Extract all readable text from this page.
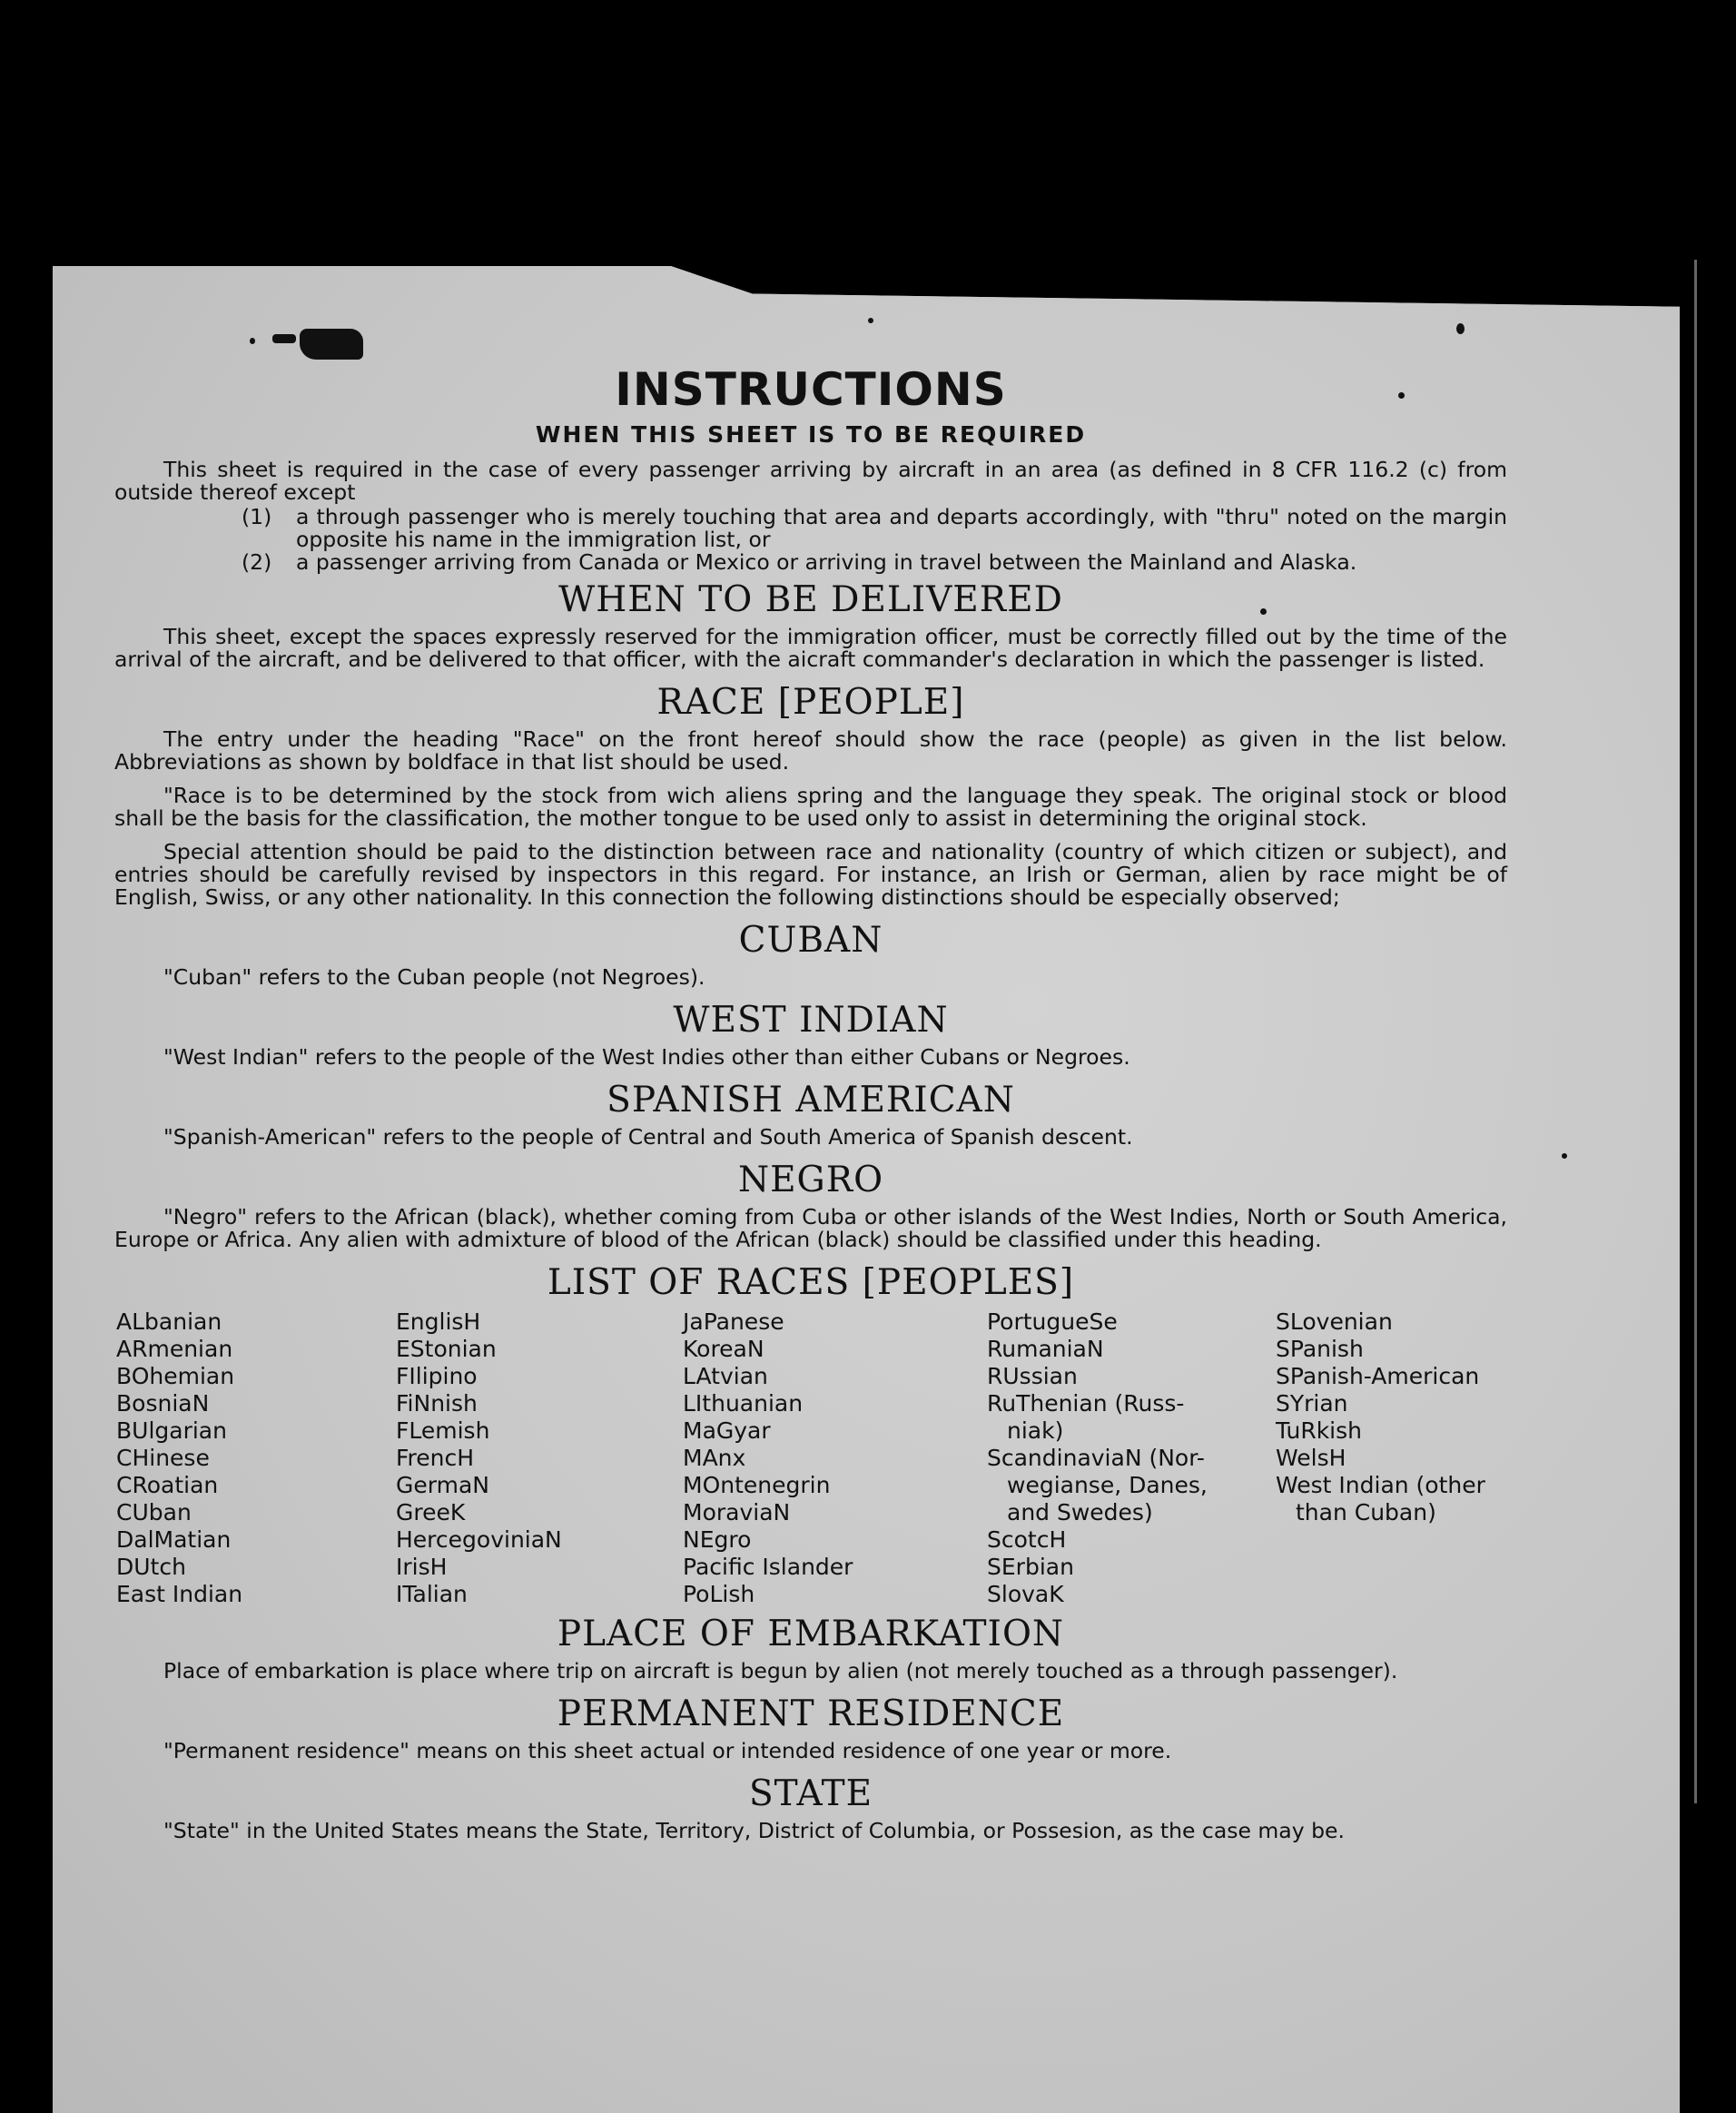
INSTRUCTIONS
WHEN THIS SHEET IS TO BE REQUIRED

This sheet is required in the case of every passenger arriving by aircraft in an area (as defined in 8 CFR 116.2 (c) from outside thereof except

(1) a through passenger who is merely touching that area and departs accordingly, with "thru" noted on the margin opposite his name in the immigration list, or
(2) a passenger arriving from Canada or Mexico or arriving in travel between the Mainland and Alaska.
WHEN TO BE DELIVERED

This sheet, except the spaces expressly reserved for the immigration officer, must be correctly filled out by the time of the arrival of the aircraft, and be delivered to that officer, with the aicraft commander's declaration in which the passenger is listed.

RACE [PEOPLE]

The entry under the heading "Race" on the front hereof should show the race (people) as given in the list below. Abbreviations as shown by boldface in that list should be used.

"Race is to be determined by the stock from wich aliens spring and the language they speak. The original stock or blood shall be the basis for the classification, the mother tongue to be used only to assist in determining the original stock.

Special attention should be paid to the distinction between race and nationality (country of which citizen or subject), and entries should be carefully revised by inspectors in this regard. For instance, an Irish or German, alien by race might be of English, Swiss, or any other nationality. In this connection the following distinctions should be especially observed;

CUBAN

"Cuban" refers to the Cuban people (not Negroes).

WEST INDIAN

"West Indian" refers to the people of the West Indies other than either Cubans or Negroes.

SPANISH AMERICAN

"Spanish-American" refers to the people of Central and South America of Spanish descent.

NEGRO

"Negro" refers to the African (black), whether coming from Cuba or other islands of the West Indies, North or South America, Europe or Africa. Any alien with admixture of blood of the African (black) should be classified under this heading.

LIST OF RACES [PEOPLES]
ALbanian
ARmenian
BOhemian
BosniaN
BUlgarian
CHinese
CRoatian
CUban
DalMatian
DUtch
East Indian
EnglisH
EStonian
FIlipino
FiNnish
FLemish
FrencH
GermaN
GreeK
HercegoviniaN
IrisH
ITalian
JaPanese
KoreaN
LAtvian
LIthuanian
MaGyar
MAnx
MOntenegrin
MoraviaN
NEgro
Pacific Islander
PoLish
PortugueSe
RumaniaN
RUssian
RuThenian (Russ-
niak)
ScandinaviaN (Nor-
wegianse, Danes,
and Swedes)
ScotcH
SErbian
SlovaK
SLovenian
SPanish
SPanish-American
SYrian
TuRkish
WelsH
West Indian (other
than Cuban)
PLACE OF EMBARKATION

Place of embarkation is place where trip on aircraft is begun by alien (not merely touched as a through passenger).

PERMANENT RESIDENCE

"Permanent residence" means on this sheet actual or intended residence of one year or more.

STATE

"State" in the United States means the State, Territory, District of Columbia, or Possesion, as the case may be.
